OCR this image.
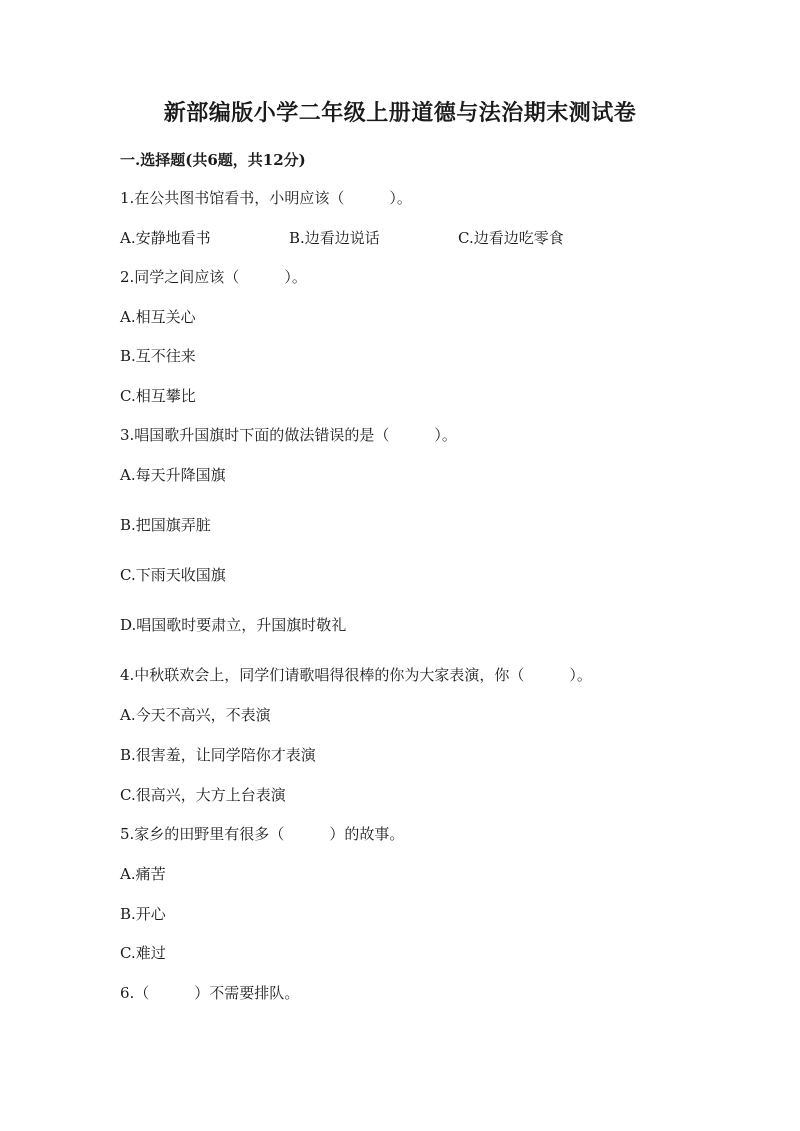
新部编版小学二年级上册道德与法治期末测试卷
一.选择题(共6题，共12分)
1.在公共图书馆看书，小明应该（　　　）。
A.安静地看书	B.边看边说话	C.边看边吃零食
2.同学之间应该（　　　）。
A.相互关心
B.互不往来
C.相互攀比
3.唱国歌升国旗时下面的做法错误的是（　　　）。
A.每天升降国旗
B.把国旗弄脏
C.下雨天收国旗
D.唱国歌时要肃立，升国旗时敬礼
4.中秋联欢会上，同学们请歌唱得很棒的你为大家表演，你（　　　）。
A.今天不高兴，不表演
B.很害羞，让同学陪你才表演
C.很高兴，大方上台表演
5.家乡的田野里有很多（　　　）的故事。
A.痛苦
B.开心
C.难过
6.（　　　）不需要排队。
